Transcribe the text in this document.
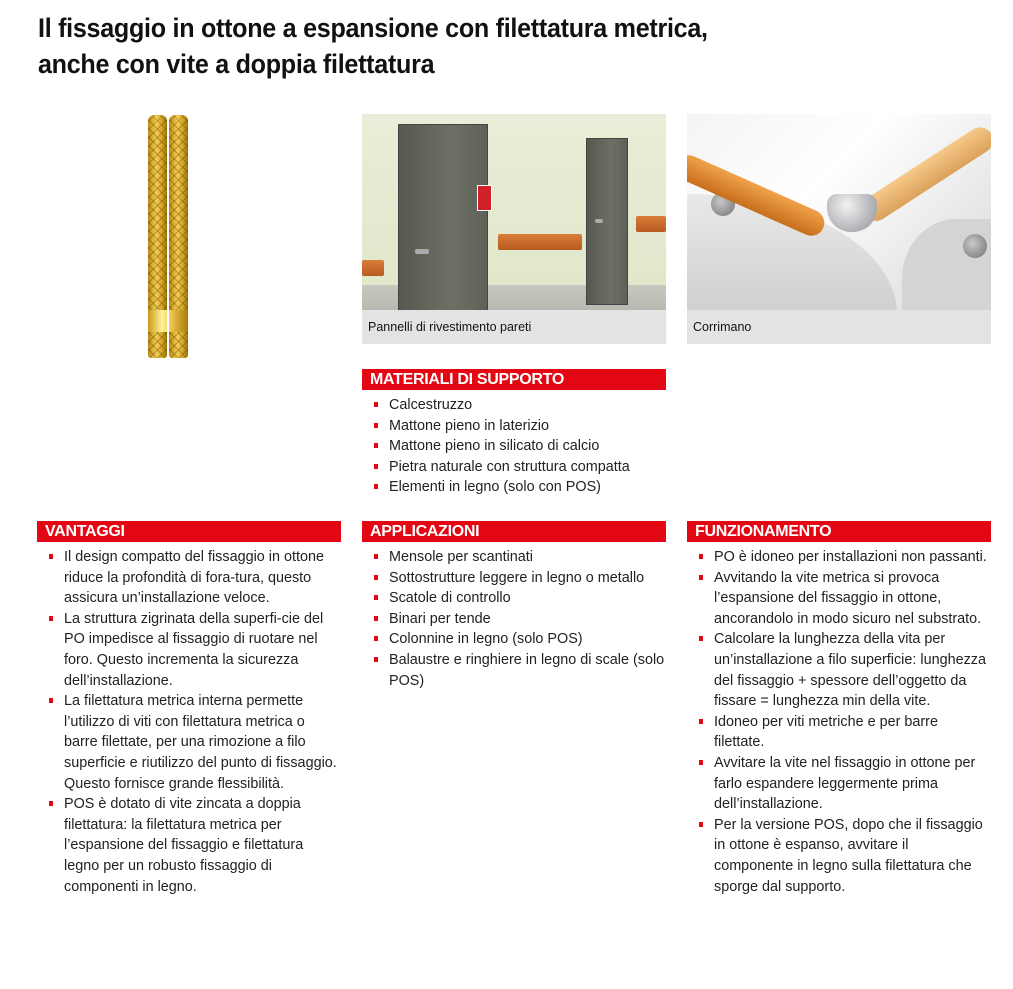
Il fissaggio in ottone a espansione con filettatura metrica,
anche con vite a doppia filettatura
Pannelli di rivestimento pareti	Corrimano
MATERIALI DI SUPPORTO
Calcestruzzo
Mattone pieno in laterizio
Mattone pieno in silicato di calcio
Pietra naturale con struttura compatta
Elementi in legno (solo con POS)
VANTAGGI
Il design compatto del fissaggio in ottone riduce la profondità di fora-tura, questo assicura un’installazione veloce.
La struttura zigrinata della superfi-cie del PO impedisce al fissaggio di ruotare nel foro. Questo incrementa la sicurezza dell’installazione.
La filettatura metrica interna permette l’utilizzo di viti con filettatura metrica o barre filettate, per una rimozione a filo superficie e riutilizzo del punto di fissaggio. Questo fornisce grande flessibilità.
POS è dotato di vite zincata a doppia filettatura: la filettatura metrica per l’espansione del fissaggio e filettatura legno per un robusto fissaggio di componenti in legno.
APPLICAZIONI
Mensole per scantinati
Sottostrutture leggere in legno o metallo
Scatole di controllo
Binari per tende
Colonnine in legno (solo POS)
Balaustre e ringhiere in legno di scale (solo POS)
FUNZIONAMENTO
PO è idoneo per installazioni non passanti.
Avvitando la vite metrica si provoca l’espansione del fissaggio in ottone, ancorandolo in modo sicuro nel substrato.
Calcolare la lunghezza della vita per un’installazione a filo superficie: lunghezza del fissaggio + spessore dell’oggetto da fissare = lunghezza min della vite.
Idoneo per viti metriche e per barre filettate.
Avvitare la vite nel fissaggio in ottone per farlo espandere leggermente prima dell’installazione.
Per la versione POS, dopo che il fissaggio in ottone è espanso, avvitare il componente in legno sulla filettatura che sporge dal supporto.
